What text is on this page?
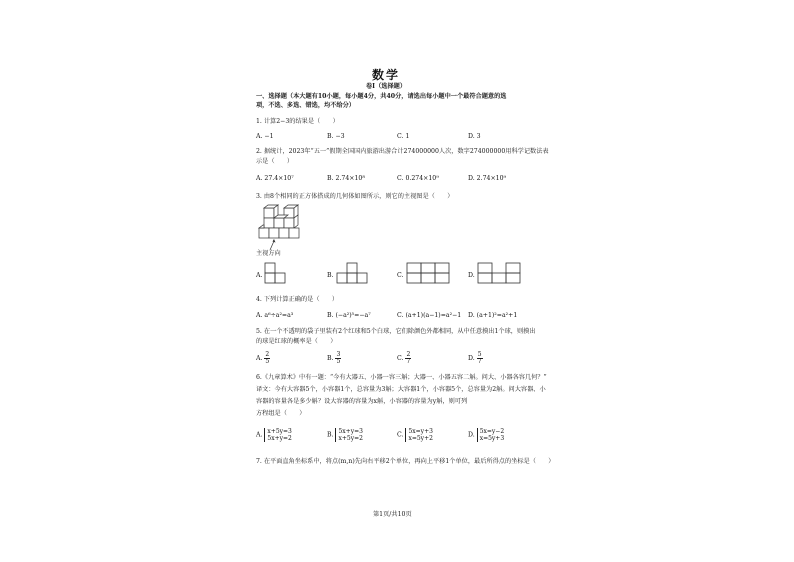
数学
卷Ⅰ（选择题）
一、选择题（本大题有10小题，每小题4分，共40分，请选出每小题中一个最符合题意的选
项，不选、多选、错选，均不给分）
1. 计算2−3的结果是（　　）
A. −1	B. −3	C. 1	D. 3
2. 据统计，2023年“五一”假期全国国内旅游出游合计274000000人次，数字274000000用科学记数法表
示是（　　）
A. 27.4×10⁷	B. 2.74×10⁸	C. 0.274×10⁹	D. 2.74×10⁹
3. 由8个相同的正方体搭成的几何体如图所示，则它的主视图是（　　）
主视方向
A.	B.	C.	D.
4. 下列计算正确的是（　　）
A. a⁶÷a²=a³	B. (−a²)⁵=−a⁷	C. (a+1)(a−1)=a²−1 D. (a+1)²=a²+1
5. 在一个不透明的袋子里装有2个红球和5个白球，它们除颜色外都相同，从中任意摸出1个球，则摸出
的球是红球的概率是（　　）
A. $\frac{2}{5}$	B. $\frac{3}{5}$	C. $\frac{2}{7}$	D. $\frac{5}{7}$
6.《九章算术》中有一题：“今有大器五、小器一容三斛；大器一、小器五容二斛。问大、小器各容几何？”
译文：今有大容器5个，小容器1个，总容量为3斛；大容器1个，小容器5个，总容量为2斛。问大容器、小
容器的容量各是多少斛？设大容器的容量为x斛，小容器的容量为y斛，则可列
方程组是（　　）
A. x+5y=3
5x+y=2	B. 5x+y=3
x+5y=2	C. 5x=y+3
x=5y+2	D. 5x=y−2
x=5y+3
7. 在平面直角坐标系中，将点(m,n)先向右平移2个单位，再向上平移1个单位，最后所得点的坐标是（　　）
第1页/共10页
